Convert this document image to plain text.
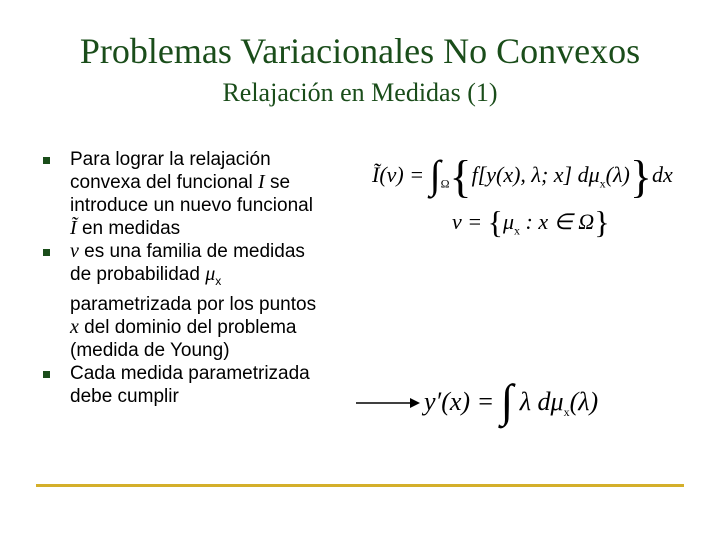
Problemas Variacionales No Convexos
Relajación en Medidas (1)
Para lograr la relajación
convexa del funcional I se
introduce un nuevo funcional
Ĩ en medidas
ν es una familia de medidas
de probabilidad $\mu_x$
parametrizada por los puntos
x del dominio del problema
(medida de Young)
Cada medida parametrizada
debe cumplir
Ĩ(ν) = $\int_\Omega\{f[y(x)$, λ; x] $d\mu_x(\lambda)\}dx$
$\nu = \{\mu_x$ : x ∈ Ω}
y′(x) = ∫ λ $d\mu_x(\lambda)$
